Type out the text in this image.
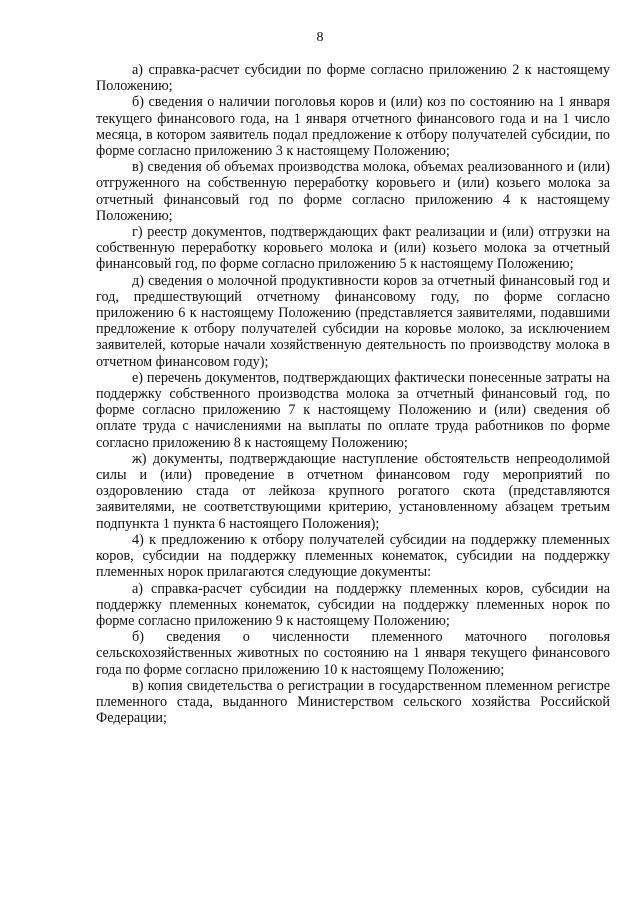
8

а) справка-расчет субсидии по форме согласно приложению 2 к настоящему Положению;

б) сведения о наличии поголовья коров и (или) коз по состоянию на 1 января текущего финансового года, на 1 января отчетного финансового года и на 1 число месяца, в котором заявитель подал предложение к отбору получателей субсидии, по форме согласно приложению 3 к настоящему Положению;

в) сведения об объемах производства молока, объемах реализованного и (или) отгруженного на собственную переработку коровьего и (или) козьего молока за отчетный финансовый год по форме согласно приложению 4 к настоящему Положению;

г) реестр документов, подтверждающих факт реализации и (или) отгрузки на собственную переработку коровьего молока и (или) козьего молока за отчетный финансовый год, по форме согласно приложению 5 к настоящему Положению;

д) сведения о молочной продуктивности коров за отчетный финансовый год и год, предшествующий отчетному финансовому году, по форме согласно приложению 6 к настоящему Положению (представляется заявителями, подавшими предложение к отбору получателей субсидии на коровье молоко, за исключением заявителей, которые начали хозяйственную деятельность по производству молока в отчетном финансовом году);

е) перечень документов, подтверждающих фактически понесенные затраты на поддержку собственного производства молока за отчетный финансовый год, по форме согласно приложению 7 к настоящему Положению и (или) сведения об оплате труда с начислениями на выплаты по оплате труда работников по форме согласно приложению 8 к настоящему Положению;

ж) документы, подтверждающие наступление обстоятельств непреодолимой силы и (или) проведение в отчетном финансовом году мероприятий по оздоровлению стада от лейкоза крупного рогатого скота (представляются заявителями, не соответствующими критерию, установленному абзацем третьим подпункта 1 пункта 6 настоящего Положения);

4) к предложению к отбору получателей субсидии на поддержку племенных коров, субсидии на поддержку племенных конематок, субсидии на поддержку племенных норок прилагаются следующие документы:

а) справка-расчет субсидии на поддержку племенных коров, субсидии на поддержку племенных конематок, субсидии на поддержку племенных норок по форме согласно приложению 9 к настоящему Положению;

б) сведения о численности племенного маточного поголовья сельскохозяйственных животных по состоянию на 1 января текущего финансового года по форме согласно приложению 10 к настоящему Положению;

в) копия свидетельства о регистрации в государственном племенном регистре племенного стада, выданного Министерством сельского хозяйства Российской Федерации;
